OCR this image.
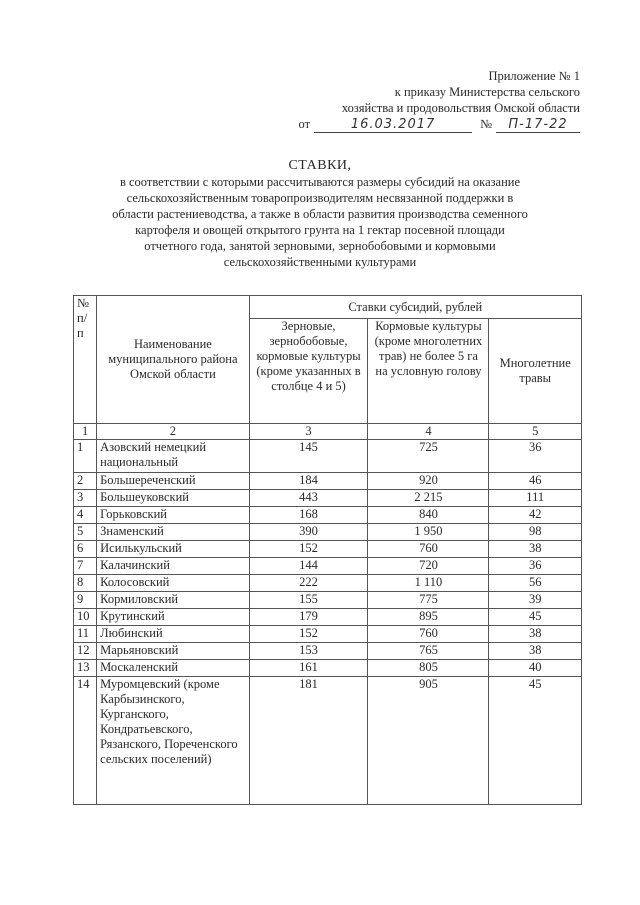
Приложение № 1
к приказу Министерства сельского
хозяйства и продовольствия Омской области
от	16.03.2017	№	П-17-22
СТАВКИ,
в соответствии с которыми рассчитываются размеры субсидий на оказание
сельскохозяйственным товаропроизводителям несвязанной поддержки в
области растениеводства, а также в области развития производства семенного
картофеля и овощей открытого грунта на 1 гектар посевной площади
отчетного года, занятой зерновыми, зернобобовыми и кормовыми
сельскохозяйственными культурами
№ п/п	Наименование муниципального района Омской области	Ставки субсидий, рублей		
		Зерновые, зернобобовые, кормовые культуры (кроме указанных в столбце 4 и 5)	Кормовые культуры (кроме многолетних трав) не более 5 га на условную голову	Многолетние травы
1	2	3	4	5
1	Азовский немецкий национальный	145	725	36
2	Большереченский	184	920	46
3	Большеуковский	443	2 215	111
4	Горьковский	168	840	42
5	Знаменский	390	1 950	98
6	Исилькульский	152	760	38
7	Калачинский	144	720	36
8	Колосовский	222	1 110	56
9	Кормиловский	155	775	39
10	Крутинский	179	895	45
11	Любинский	152	760	38
12	Марьяновский	153	765	38
13	Москаленский	161	805	40
14	Муромцевский (кроме Карбызинского, Курганского, Кондратьевского, Рязанского, Пореченского сельских поселений)	181	905	45
